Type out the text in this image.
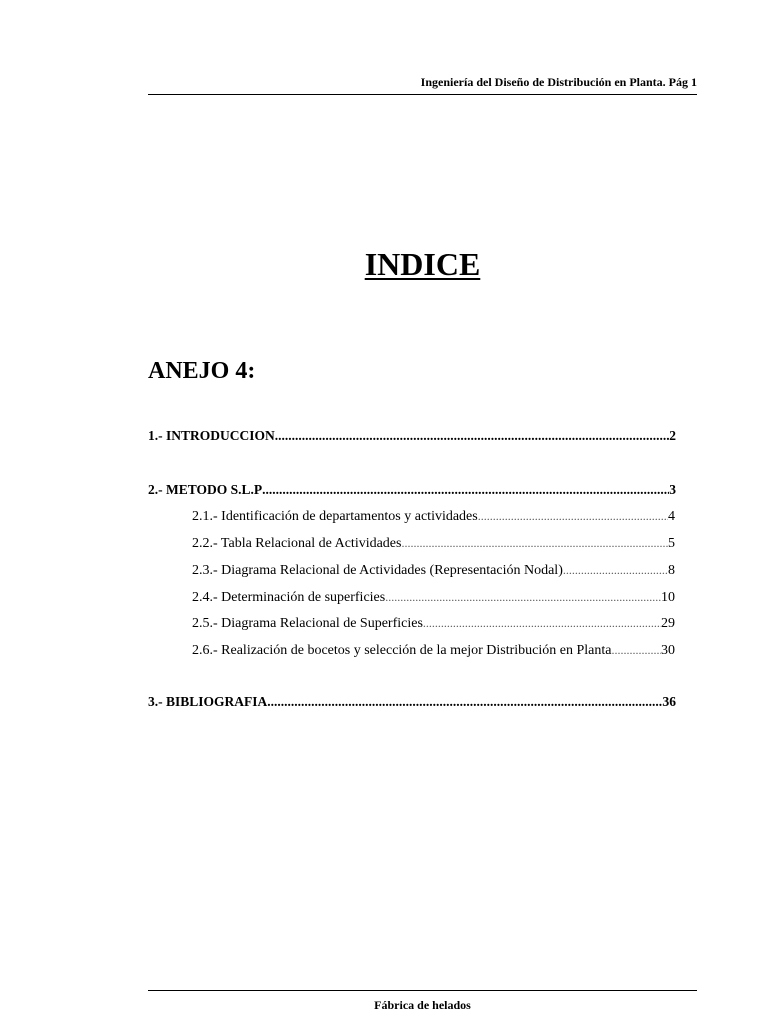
Ingeniería del Diseño de Distribución en Planta. Pág 1
INDICE
ANEJO 4:
1.- INTRODUCCION .....	2
2.- METODO S.L.P .....	3
2.1.- Identificación de departamentos y actividades .....	4
2.2.- Tabla Relacional de Actividades .....	5
2.3.- Diagrama Relacional de Actividades (Representación Nodal) .....	8
2.4.- Determinación de superficies .....	10
2.5.- Diagrama Relacional de Superficies .....	29
2.6.- Realización de bocetos y selección de la mejor Distribución en Planta .....	30
3.- BIBLIOGRAFIA .....	36
Fábrica de helados
